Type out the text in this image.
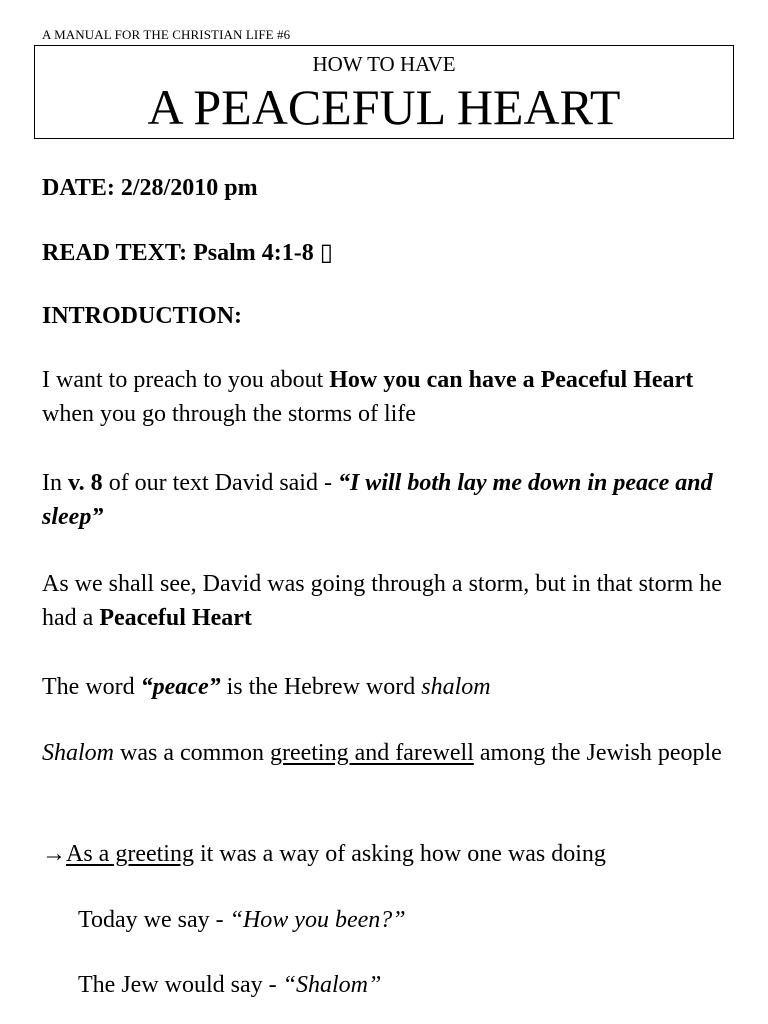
A MANUAL FOR THE CHRISTIAN LIFE #6
HOW TO HAVE
A PEACEFUL HEART
DATE: 2/28/2010 pm
READ TEXT: Psalm 4:1-8 ▯
INTRODUCTION:
I want to preach to you about How you can have a Peaceful Heart when you go through the storms of life
In v. 8 of our text David said - “I will both lay me down in peace and sleep”
As we shall see, David was going through a storm, but in that storm he had a Peaceful Heart
The word “peace” is the Hebrew word shalom
Shalom was a common greeting and farewell among the Jewish people
→As a greeting it was a way of asking how one was doing
Today we say - “How you been?”
The Jew would say - “Shalom”
